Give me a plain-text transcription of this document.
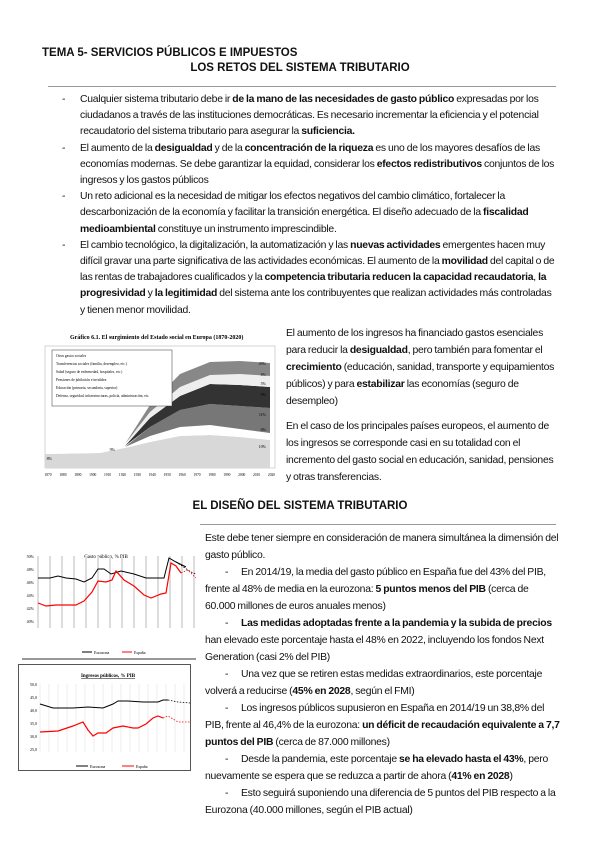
TEMA 5- SERVICIOS PÚBLICOS E IMPUESTOS
LOS RETOS DEL SISTEMA TRIBUTARIO
- Cualquier sistema tributario debe ir de la mano de las necesidades de gasto público expresadas por los ciudadanos a través de las instituciones democráticas. Es necesario incrementar la eficiencia y el potencial recaudatorio del sistema tributario para asegurar la suficiencia.
- El aumento de la desigualdad y de la concentración de la riqueza es uno de los mayores desafíos de las economías modernas. Se debe garantizar la equidad, considerar los efectos redistributivos conjuntos de los ingresos y los gastos públicos
- Un reto adicional es la necesidad de mitigar los efectos negativos del cambio climático, fortalecer la descarbonización de la economía y facilitar la transición energética. El diseño adecuado de la fiscalidad medioambiental constituye un instrumento imprescindible.
- El cambio tecnológico, la digitalización, la automatización y las nuevas actividades emergentes hacen muy difícil gravar una parte significativa de las actividades económicas. El aumento de la movilidad del capital o de las rentas de trabajadores cualificados y la competencia tributaria reducen la capacidad recaudatoria, la progresividad y la legitimidad del sistema ante los contribuyentes que realizan actividades más controladas y tienen menor movilidad.
Gráfico 6.1. El surgimiento del Estado social en Europa (1870-2020)
Otros gastos sociales
Transferencias sociales (familia, desempleo, etc.)
Salud (seguro de enfermedad, hospitales, etc.)
Pensiones de jubilación e invalidez
Educación (primaria, secundaria, superior)
Defensa, seguridad, infraestructuras, policía, administración, etc.
49%
6%
5%
9%
11%
6%
10%
9%
8%
1870 1880 1890 1900 1910 1920 1930 1940 1950 1960 1970 1980 1990 2000 2010 2020
El aumento de los ingresos ha financiado gastos esenciales para reducir la desigualdad, pero también para fomentar el crecimiento (educación, sanidad, transporte y equipamientos públicos) y para estabilizar las economías (seguro de desempleo)
En el caso de los principales países europeos, el aumento de los ingresos se corresponde casi en su totalidad con el incremento del gasto social en educación, sanidad, pensiones y otras transferencias.
EL DISEÑO DEL SISTEMA TRIBUTARIO
Gasto público, % PIB
50%
48%
46%
44%
42%
40%
Eurozona	España
Ingresos públicos, % PIB
50,0
45,0
40,0
35,0
30,0
25,0
Eurozona	España
Este debe tener siempre en consideración de manera simultánea la dimensión del gasto público.
- En 2014/19, la media del gasto público en España fue del 43% del PIB, frente al 48% de media en la eurozona: 5 puntos menos del PIB (cerca de 60.000 millones de euros anuales menos)
- Las medidas adoptadas frente a la pandemia y la subida de precios han elevado este porcentaje hasta el 48% en 2022, incluyendo los fondos Next Generation (casi 2% del PIB)
- Una vez que se retiren estas medidas extraordinarios, este porcentaje volverá a reducirse (45% en 2028, según el FMI)
- Los ingresos públicos supusieron en España en 2014/19 un 38,8% del PIB, frente al 46,4% de la eurozona: un déficit de recaudación equivalente a 7,7 puntos del PIB (cerca de 87.000 millones)
- Desde la pandemia, este porcentaje se ha elevado hasta el 43%, pero nuevamente se espera que se reduzca a partir de ahora (41% en 2028)
- Esto seguirá suponiendo una diferencia de 5 puntos del PIB respecto a la Eurozona (40.000 millones, según el PIB actual)
